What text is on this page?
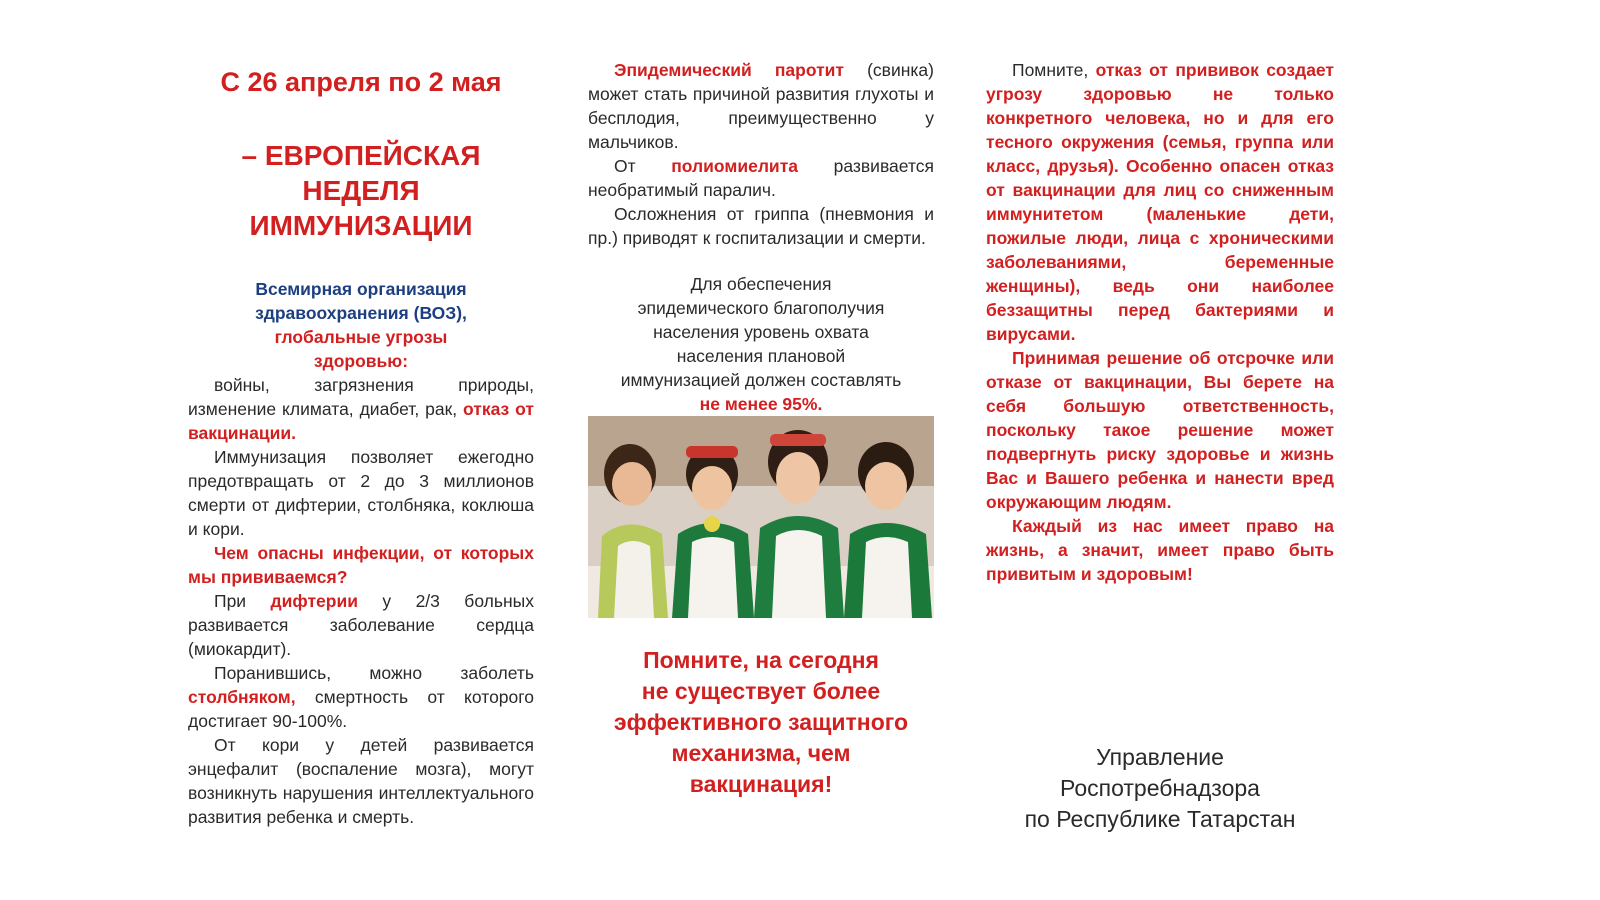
С 26 апреля по 2 мая
– ЕВРОПЕЙСКАЯ
НЕДЕЛЯ
ИММУНИЗАЦИИ
Всемирная организация
здравоохранения (ВОЗ),
глобальные угрозы
здоровью:

войны, загрязнения природы, изменение климата, диабет, рак, отказ от вакцинации.

Иммунизация позволяет ежегодно предотвращать от 2 до 3 миллионов смерти от дифтерии, столбняка, коклюша и кори.

Чем опасны инфекции, от которых мы прививаемся?

При дифтерии у 2/3 больных развивается заболевание сердца (миокардит).

Поранившись, можно заболеть столбняком, смертность от которого достигает 90-100%.

От кори у детей развивается энцефалит (воспаление мозга), могут возникнуть нарушения интеллектуального развития ребенка и смерть.

Эпидемический паротит (свинка) может стать причиной развития глухоты и бесплодия, преимущественно у мальчиков.

От полиомиелита развивается необратимый паралич.

Осложнения от гриппа (пневмония и пр.) приводят к госпитализации и смерти.

Для обеспечения
эпидемического благополучия
населения уровень охвата
населения плановой
иммунизацией должен составлять
не менее 95%.
Помните, на сегодня
не существует более
эффективного защитного
механизма, чем
вакцинация!

Помните, отказ от прививок создает угрозу здоровью не только конкретного человека, но и для его тесного окружения (семья, группа или класс, друзья). Особенно опасен отказ от вакцинации для лиц со сниженным иммунитетом (маленькие дети, пожилые люди, лица с хроническими заболеваниями, беременные женщины), ведь они наиболее беззащитны перед бактериями и вирусами.

Принимая решение об отсрочке или отказе от вакцинации, Вы берете на себя большую ответственность, поскольку такое решение может подвергнуть риску здоровье и жизнь Вас и Вашего ребенка и нанести вред окружающим людям.

Каждый из нас имеет право на жизнь, а значит, имеет право быть привитым и здоровым!

Управление
Роспотребнадзора
по Республике Татарстан
